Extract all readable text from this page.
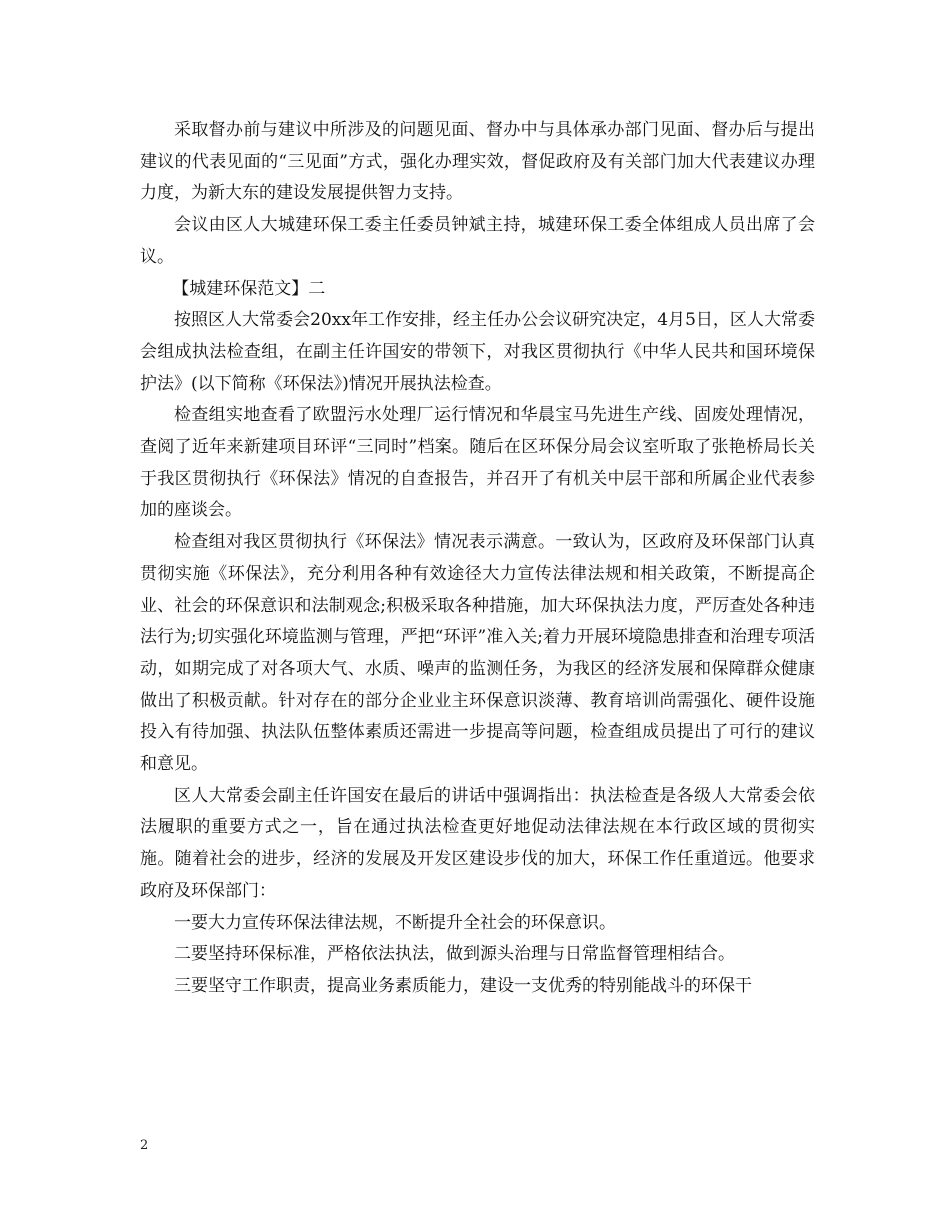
采取督办前与建议中所涉及的问题见面、督办中与具体承办部门见面、督办后与提出建议的代表见面的“三见面”方式，强化办理实效，督促政府及有关部门加大代表建议办理力度，为新大东的建设发展提供智力支持。

会议由区人大城建环保工委主任委员钟斌主持，城建环保工委全体组成人员出席了会议。

【城建环保范文】二

按照区人大常委会20xx年工作安排，经主任办公会议研究决定，4月5日，区人大常委会组成执法检查组，在副主任许国安的带领下，对我区贯彻执行《中华人民共和国环境保护法》(以下简称《环保法》)情况开展执法检查。

检查组实地查看了欧盟污水处理厂运行情况和华晨宝马先进生产线、固废处理情况，查阅了近年来新建项目环评“三同时”档案。随后在区环保分局会议室听取了张艳桥局长关于我区贯彻执行《环保法》情况的自查报告，并召开了有机关中层干部和所属企业代表参加的座谈会。

检查组对我区贯彻执行《环保法》情况表示满意。一致认为，区政府及环保部门认真贯彻实施《环保法》，充分利用各种有效途径大力宣传法律法规和相关政策，不断提高企业、社会的环保意识和法制观念;积极采取各种措施，加大环保执法力度，严厉查处各种违法行为;切实强化环境监测与管理，严把“环评”准入关;着力开展环境隐患排查和治理专项活动，如期完成了对各项大气、水质、噪声的监测任务，为我区的经济发展和保障群众健康做出了积极贡献。针对存在的部分企业业主环保意识淡薄、教育培训尚需强化、硬件设施投入有待加强、执法队伍整体素质还需进一步提高等问题，检查组成员提出了可行的建议和意见。

区人大常委会副主任许国安在最后的讲话中强调指出：执法检查是各级人大常委会依法履职的重要方式之一，旨在通过执法检查更好地促动法律法规在本行政区域的贯彻实施。随着社会的进步，经济的发展及开发区建设步伐的加大，环保工作任重道远。他要求政府及环保部门：

一要大力宣传环保法律法规，不断提升全社会的环保意识。

二要坚持环保标准，严格依法执法，做到源头治理与日常监督管理相结合。

三要坚守工作职责，提高业务素质能力，建设一支优秀的特别能战斗的环保干

2
